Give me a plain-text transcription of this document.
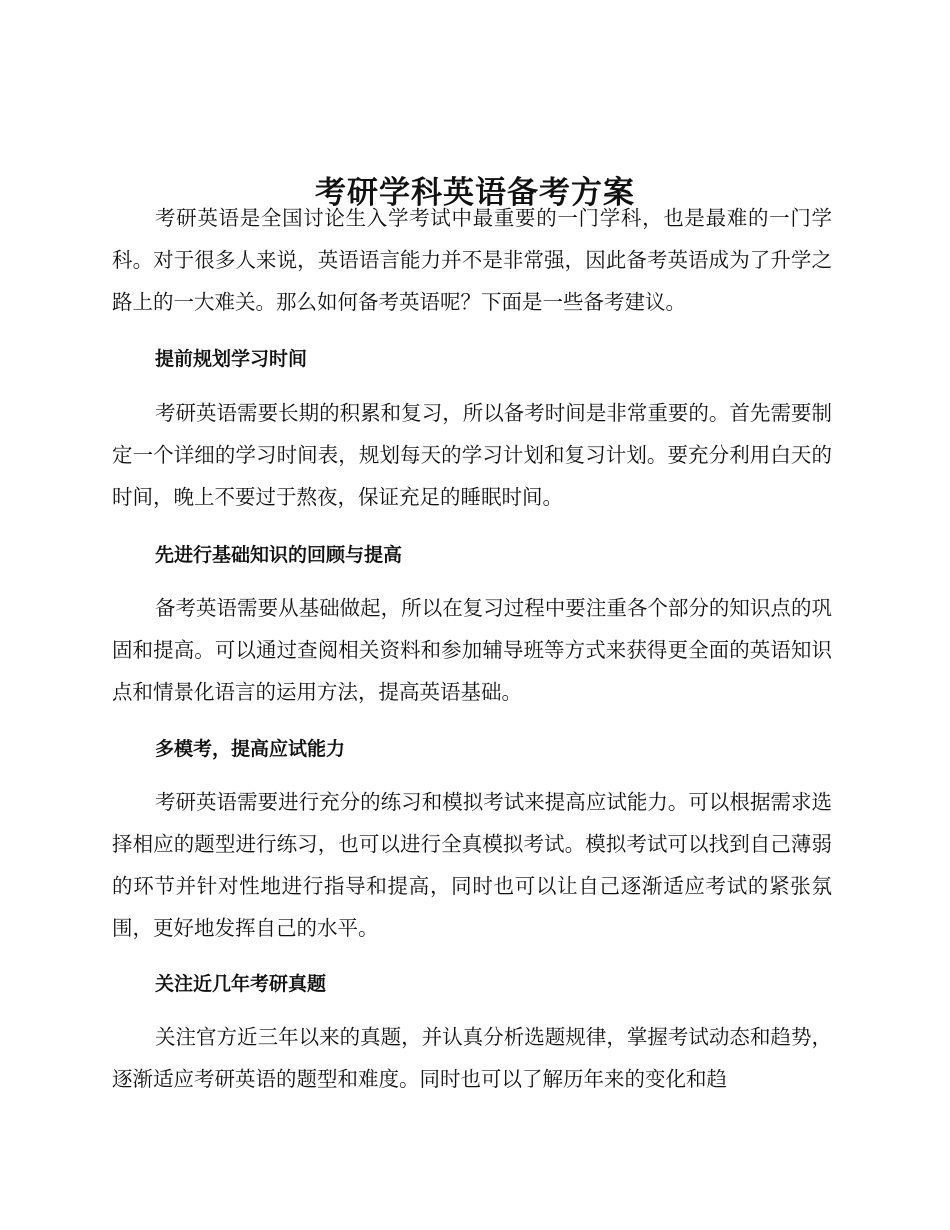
考研学科英语备考方案

考研英语是全国讨论生入学考试中最重要的一门学科，也是最难的一门学科。对于很多人来说，英语语言能力并不是非常强，因此备考英语成为了升学之路上的一大难关。那么如何备考英语呢？下面是一些备考建议。

提前规划学习时间

考研英语需要长期的积累和复习，所以备考时间是非常重要的。首先需要制定一个详细的学习时间表，规划每天的学习计划和复习计划。要充分利用白天的时间，晚上不要过于熬夜，保证充足的睡眠时间。

先进行基础知识的回顾与提高

备考英语需要从基础做起，所以在复习过程中要注重各个部分的知识点的巩固和提高。可以通过查阅相关资料和参加辅导班等方式来获得更全面的英语知识点和情景化语言的运用方法，提高英语基础。

多模考，提高应试能力

考研英语需要进行充分的练习和模拟考试来提高应试能力。可以根据需求选择相应的题型进行练习，也可以进行全真模拟考试。模拟考试可以找到自己薄弱的环节并针对性地进行指导和提高，同时也可以让自己逐渐适应考试的紧张氛围，更好地发挥自己的水平。

关注近几年考研真题

关注官方近三年以来的真题，并认真分析选题规律，掌握考试动态和趋势，逐渐适应考研英语的题型和难度。同时也可以了解历年来的变化和趋
